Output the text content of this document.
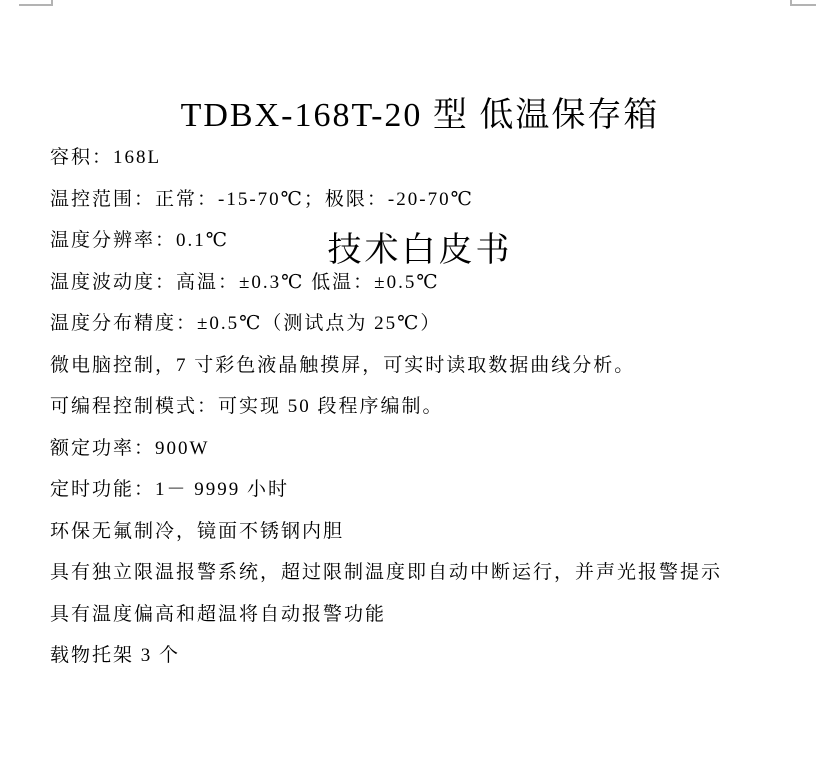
TDBX-168T-20 型 低温保存箱

技术白皮书

容积：168L

温控范围：正常：-15-70℃；极限：-20-70℃

温度分辨率：0.1℃

温度波动度：高温：±0.3℃ 低温：±0.5℃

温度分布精度：±0.5℃（测试点为 25℃）

微电脑控制，7 寸彩色液晶触摸屏，可实时读取数据曲线分析。

可编程控制模式：可实现 50 段程序编制。

额定功率：900W

定时功能：1－ 9999 小时

环保无氟制冷，镜面不锈钢内胆

具有独立限温报警系统，超过限制温度即自动中断运行，并声光报警提示

具有温度偏高和超温将自动报警功能

载物托架 3 个
